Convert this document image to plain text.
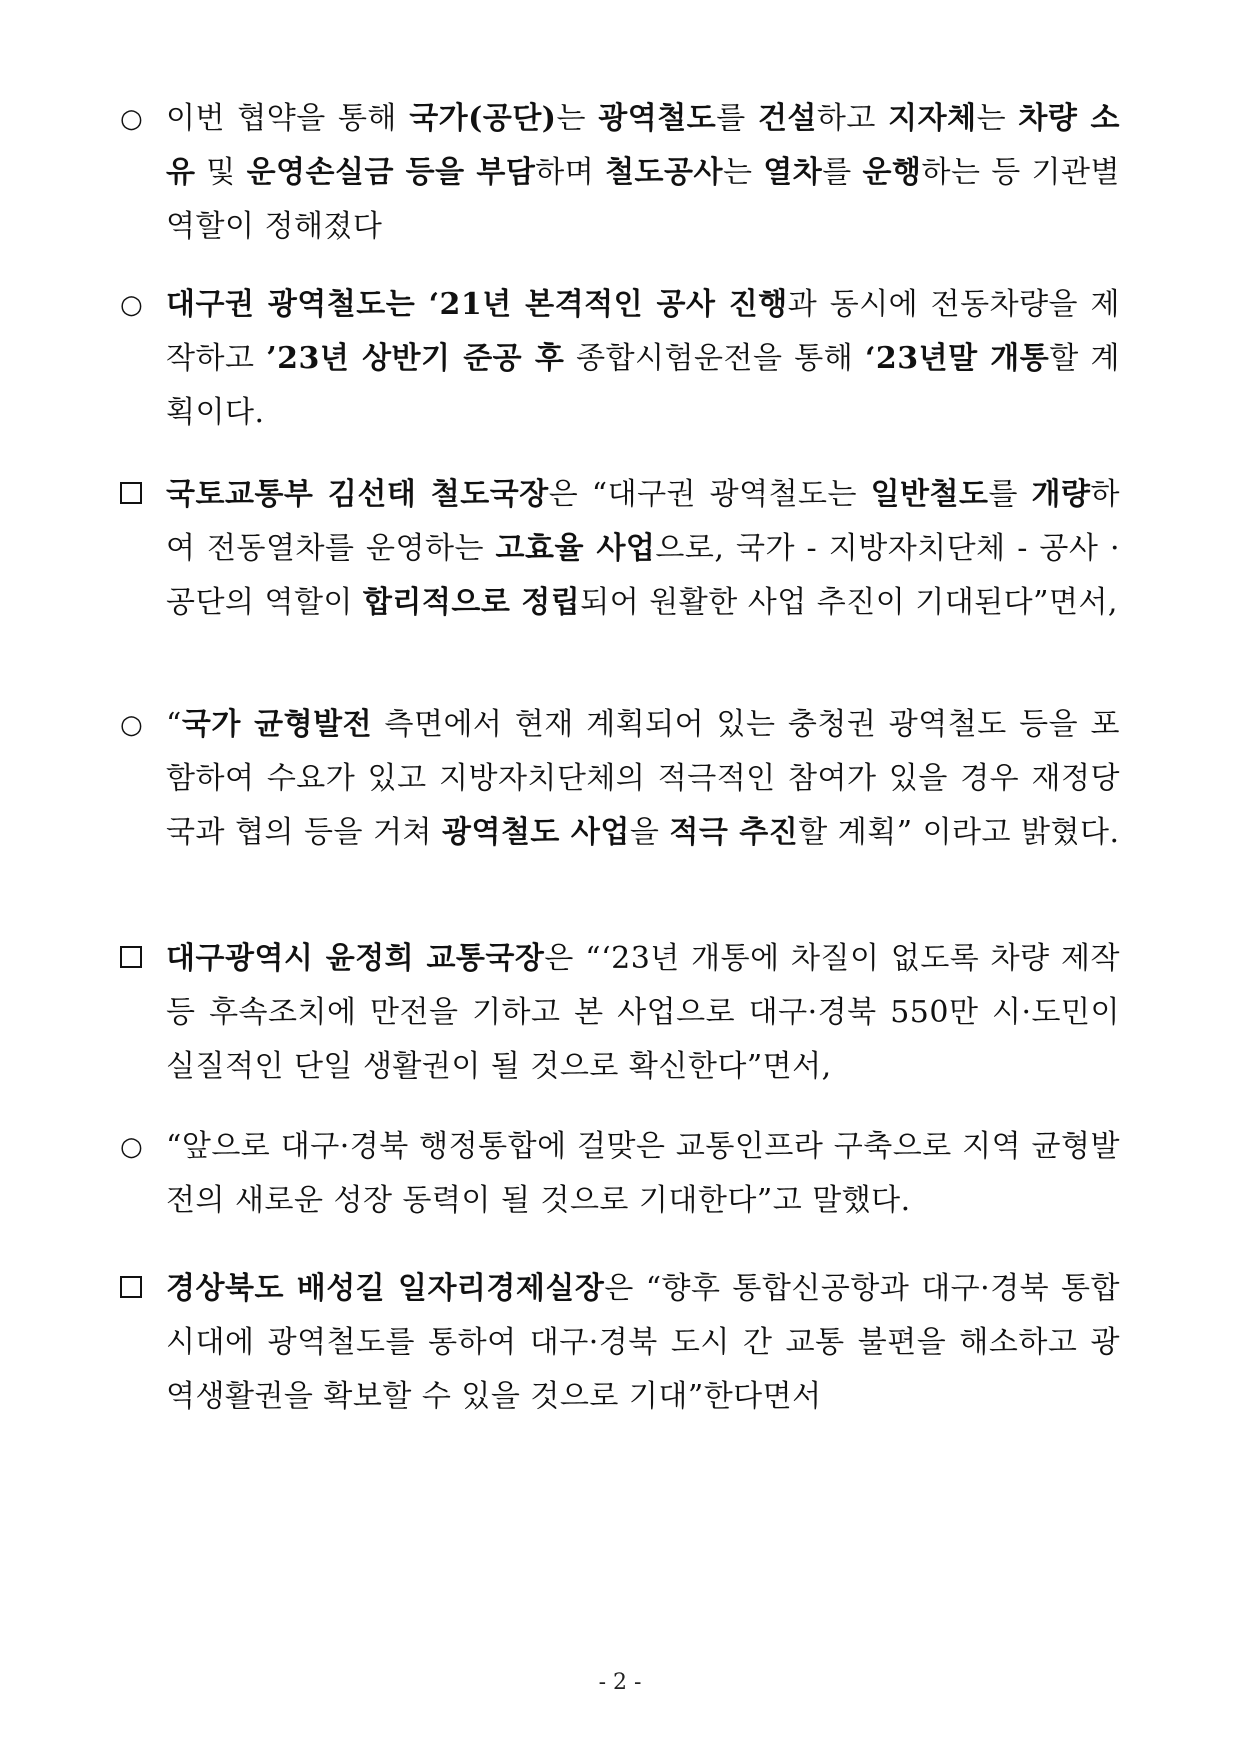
○ 이번 협약을 통해 국가(공단)는 광역철도를 건설하고 지자체는 차량 소유 및 운영손실금 등을 부담하며 철도공사는 열차를 운행하는 등 기관별 역할이 정해졌다
○ 대구권 광역철도는 ‘21년 본격적인 공사 진행과 동시에 전동차량을 제작하고 ’23년 상반기 준공 후 종합시험운전을 통해 ‘23년말 개통할 계획이다.
국토교통부 김선태 철도국장은 “대구권 광역철도는 일반철도를 개량하여 전동열차를 운영하는 고효율 사업으로, 국가 - 지방자치단체 - 공사 · 공단의 역할이 합리적으로 정립되어 원활한 사업 추진이 기대된다”면서,
○ “국가 균형발전 측면에서 현재 계획되어 있는 충청권 광역철도 등을 포함하여 수요가 있고 지방자치단체의 적극적인 참여가 있을 경우 재정당국과 협의 등을 거쳐 광역철도 사업을 적극 추진할 계획” 이라고 밝혔다.
대구광역시 윤정희 교통국장은 “‘23년 개통에 차질이 없도록 차량 제작 등 후속조치에 만전을 기하고 본 사업으로 대구·경북 550만 시·도민이 실질적인 단일 생활권이 될 것으로 확신한다”면서,
○ “앞으로 대구·경북 행정통합에 걸맞은 교통인프라 구축으로 지역 균형발전의 새로운 성장 동력이 될 것으로 기대한다”고 말했다.
경상북도 배성길 일자리경제실장은 “향후 통합신공항과 대구·경북 통합시대에 광역철도를 통하여 대구·경북 도시 간 교통 불편을 해소하고 광역생활권을 확보할 수 있을 것으로 기대”한다면서
- 2 -
